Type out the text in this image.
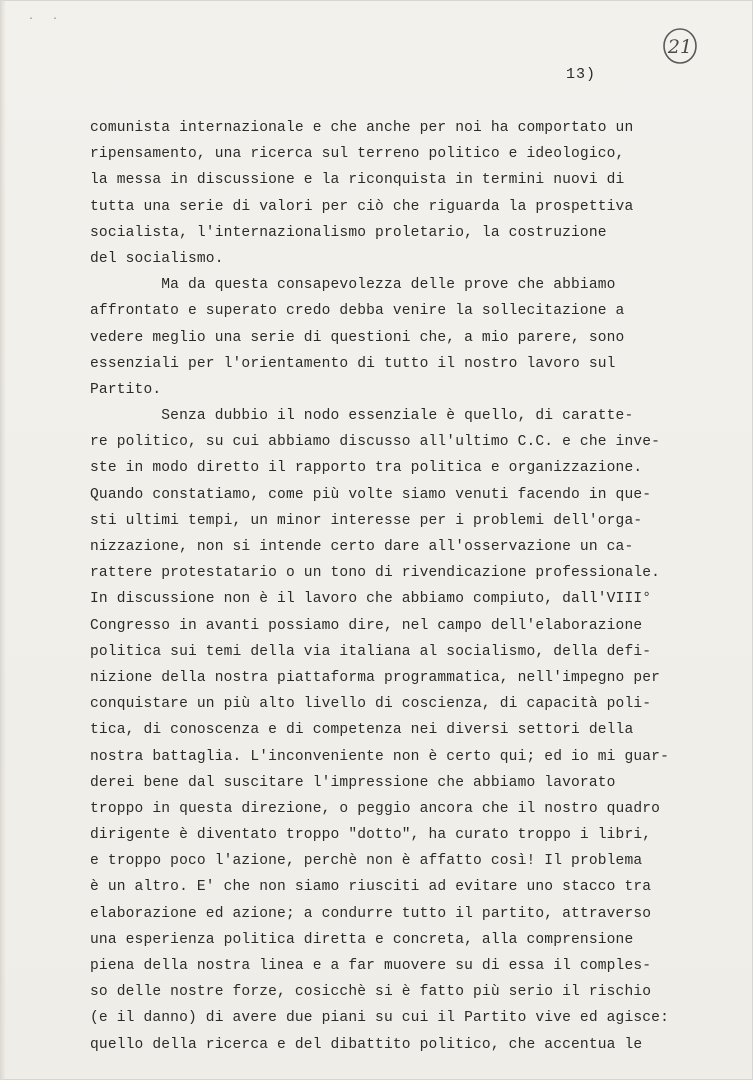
· ·
21
13)
comunista internazionale e che anche per noi ha comportato un
ripensamento, una ricerca sul terreno politico e ideologico,
la messa in discussione e la riconquista in termini nuovi di
tutta una serie di valori per ciò che riguarda la prospettiva
socialista, l'internazionalismo proletario, la costruzione
del socialismo.
Ma da questa consapevolezza delle prove che abbiamo
affrontato e superato credo debba venire la sollecitazione a
vedere meglio una serie di questioni che, a mio parere, sono
essenziali per l'orientamento di tutto il nostro lavoro sul
Partito.
Senza dubbio il nodo essenziale è quello, di caratte-
re politico, su cui abbiamo discusso all'ultimo C.C. e che inve-
ste in modo diretto il rapporto tra politica e organizzazione.
Quando constatiamo, come più volte siamo venuti facendo in que-
sti ultimi tempi, un minor interesse per i problemi dell'orga-
nizzazione, non si intende certo dare all'osservazione un ca-
rattere protestatario o un tono di rivendicazione professionale.
In discussione non è il lavoro che abbiamo compiuto, dall'VIII°
Congresso in avanti possiamo dire, nel campo dell'elaborazione
politica sui temi della via italiana al socialismo, della defi-
nizione della nostra piattaforma programmatica, nell'impegno per
conquistare un più alto livello di coscienza, di capacità poli-
tica, di conoscenza e di competenza nei diversi settori della
nostra battaglia. L'inconveniente non è certo qui; ed io mi guar-
derei bene dal suscitare l'impressione che abbiamo lavorato
troppo in questa direzione, o peggio ancora che il nostro quadro
dirigente è diventato troppo "dotto", ha curato troppo i libri,
e troppo poco l'azione, perchè non è affatto così! Il problema
è un altro. E' che non siamo riusciti ad evitare uno stacco tra
elaborazione ed azione; a condurre tutto il partito, attraverso
una esperienza politica diretta e concreta, alla comprensione
piena della nostra linea e a far muovere su di essa il comples-
so delle nostre forze, cosicchè si è fatto più serio il rischio
(e il danno) di avere due piani su cui il Partito vive ed agisce:
quello della ricerca e del dibattito politico, che accentua le
